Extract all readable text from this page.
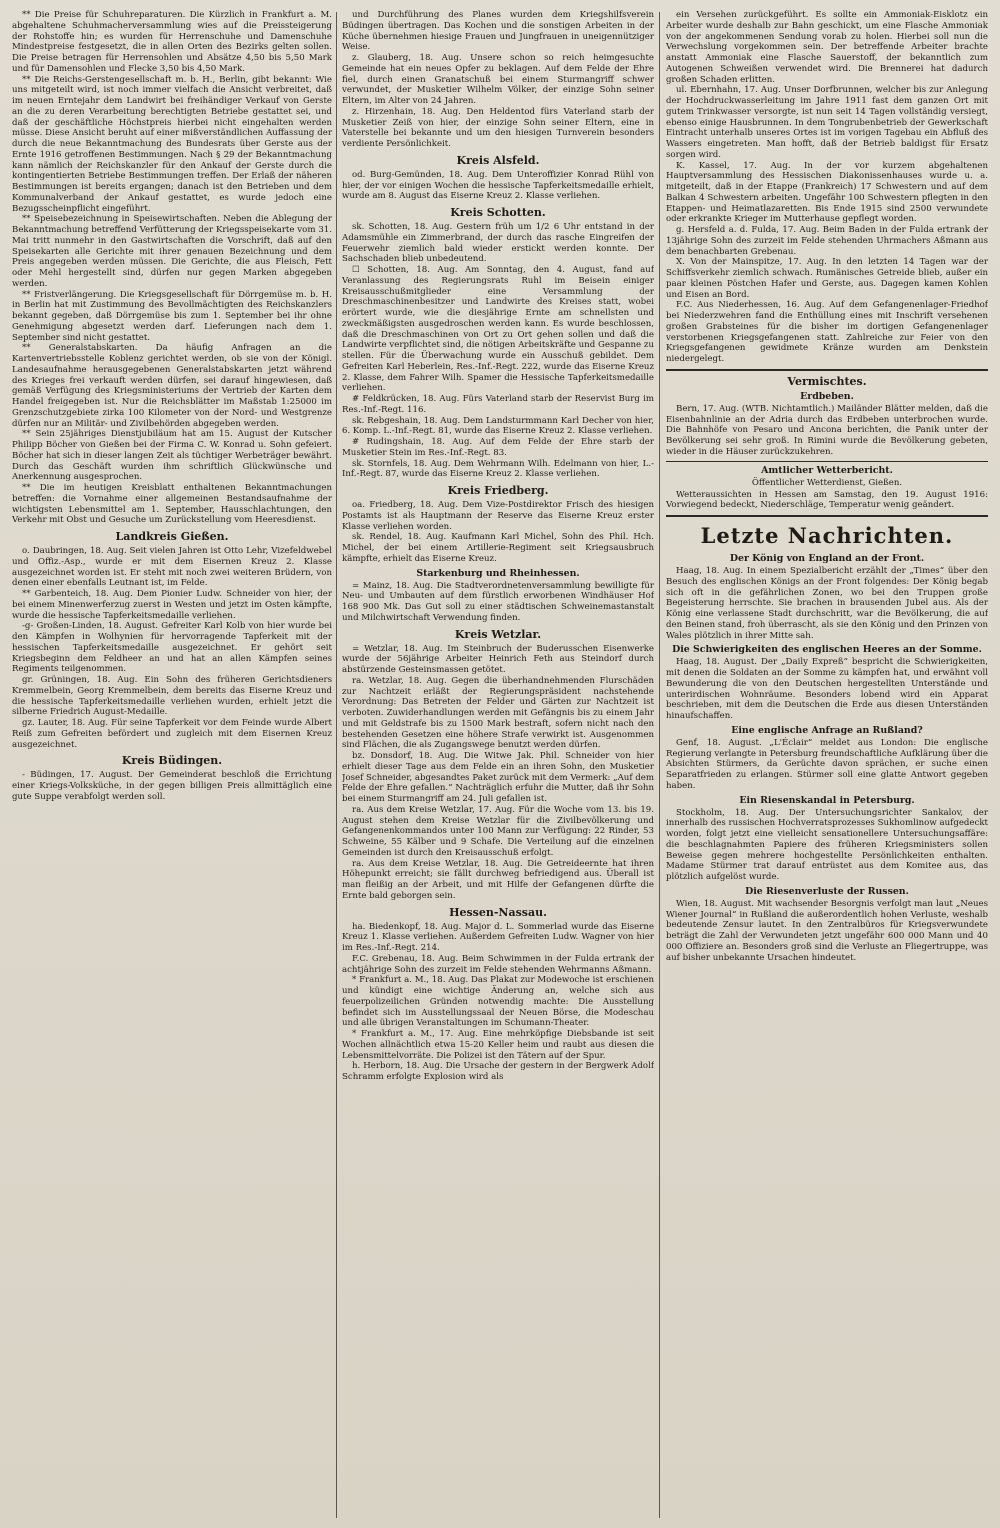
** Die Preise für Schuhreparaturen. Die Kürzlich in Frankfurt a. M. abgehaltene Schuhmacherversammlung wies auf die Preissteigerung der Rohstoffe hin; es wurden für Herrenschuhe und Damenschuhe Mindestpreise festgesetzt, die in allen Orten des Bezirks gelten sollen. Die Preise betragen für Herrensohlen und Absätze 4,50 bis 5,50 Mark und für Damensohlen und Flecke 3,50 bis 4,50 Mark.

** Die Reichs-Gerstengesellschaft m. b. H., Berlin, gibt bekannt: Wie uns mitgeteilt wird, ist noch immer vielfach die Ansicht verbreitet, daß im neuen Erntejahr dem Landwirt bei freihändiger Verkauf von Gerste an die zu deren Verarbeitung berechtigten Betriebe gestattet sei, und daß der geschäftliche Höchstpreis hierbei nicht eingehalten werden müsse. Diese Ansicht beruht auf einer mißverständlichen Auffassung der durch die neue Bekanntmachung des Bundesrats über Gerste aus der Ernte 1916 getroffenen Bestimmungen. Nach § 29 der Bekanntmachung kann nämlich der Reichskanzler für den Ankauf der Gerste durch die kontingentierten Betriebe Bestimmungen treffen. Der Erlaß der näheren Bestimmungen ist bereits ergangen; danach ist den Betrieben und dem Kommunalverband der Ankauf gestattet, es wurde jedoch eine Bezugsscheinpflicht eingeführt.

** Speisebezeichnung in Speisewirtschaften. Neben die Ablegung der Bekanntmachung betreffend Verfütterung der Kriegsspeisekarte vom 31. Mai tritt nunmehr in den Gastwirtschaften die Vorschrift, daß auf den Speisekarten alle Gerichte mit ihrer genauen Bezeichnung und dem Preis angegeben werden müssen. Die Gerichte, die aus Fleisch, Fett oder Mehl hergestellt sind, dürfen nur gegen Marken abgegeben werden.

** Fristverlängerung. Die Kriegsgesellschaft für Dörrgemüse m. b. H. in Berlin hat mit Zustimmung des Bevollmächtigten des Reichskanzlers bekannt gegeben, daß Dörrgemüse bis zum 1. September bei ihr ohne Genehmigung abgesetzt werden darf. Lieferungen nach dem 1. September sind nicht gestattet.

** Generalstabskarten. Da häufig Anfragen an die Kartenvertriebsstelle Koblenz gerichtet werden, ob sie von der Königl. Landesaufnahme herausgegebenen Generalstabskarten jetzt während des Krieges frei verkauft werden dürfen, sei darauf hingewiesen, daß gemäß Verfügung des Kriegsministeriums der Vertrieb der Karten dem Handel freigegeben ist. Nur die Reichsblätter im Maßstab 1:25000 im Grenzschutzgebiete zirka 100 Kilometer von der Nord- und Westgrenze dürfen nur an Militär- und Zivilbehörden abgegeben werden.

** Sein 25jähriges Dienstjubiläum hat am 15. August der Kutscher Philipp Böcher von Gießen bei der Firma C. W. Konrad u. Sohn gefeiert. Böcher hat sich in dieser langen Zeit als tüchtiger Werbeträger bewährt. Durch das Geschäft wurden ihm schriftlich Glückwünsche und Anerkennung ausgesprochen.

** Die im heutigen Kreisblatt enthaltenen Bekanntmachungen betreffen: die Vornahme einer allgemeinen Bestandsaufnahme der wichtigsten Lebensmittel am 1. September, Hausschlachtungen, den Verkehr mit Obst und Gesuche um Zurückstellung vom Heeresdienst.

Landkreis Gießen.

o. Daubringen, 18. Aug. Seit vielen Jahren ist Otto Lehr, Vizefeldwebel und Offiz.-Asp., wurde er mit dem Eisernen Kreuz 2. Klasse ausgezeichnet worden ist. Er steht mit noch zwei weiteren Brüdern, von denen einer ebenfalls Leutnant ist, im Felde.

** Garbenteich, 18. Aug. Dem Pionier Ludw. Schneider von hier, der bei einem Minenwerferzug zuerst in Westen und jetzt im Osten kämpfte, wurde die hessische Tapferkeitsmedaille verliehen.

-g- Großen-Linden, 18. August. Gefreiter Karl Kolb von hier wurde bei den Kämpfen in Wolhynien für hervorragende Tapferkeit mit der hessischen Tapferkeitsmedaille ausgezeichnet. Er gehört seit Kriegsbeginn dem Feldheer an und hat an allen Kämpfen seines Regiments teilgenommen.

gr. Grüningen, 18. Aug. Ein Sohn des früheren Gerichtsdieners Kremmelbein, Georg Kremmelbein, dem bereits das Eiserne Kreuz und die hessische Tapferkeitsmedaille verliehen wurden, erhielt jetzt die silberne Friedrich August-Medaille.

gz. Lauter, 18. Aug. Für seine Tapferkeit vor dem Feinde wurde Albert Reiß zum Gefreiten befördert und zugleich mit dem Eisernen Kreuz ausgezeichnet.

Kreis Büdingen.

- Büdingen, 17. August. Der Gemeinderat beschloß die Errichtung einer Kriegs-Volksküche, in der gegen billigen Preis allmittäglich eine gute Suppe verabfolgt werden soll.

und Durchführung des Planes wurden dem Kriegshilfsverein Büdingen übertragen. Das Kochen und die sonstigen Arbeiten in der Küche übernehmen hiesige Frauen und Jungfrauen in uneigennütziger Weise.

z. Glauberg, 18. Aug. Unsere schon so reich heimgesuchte Gemeinde hat ein neues Opfer zu beklagen. Auf dem Felde der Ehre fiel, durch einen Granatschuß bei einem Sturmangriff schwer verwundet, der Musketier Wilhelm Völker, der einzige Sohn seiner Eltern, im Alter von 24 Jahren.

z. Hirzenhain, 18. Aug. Den Heldentod fürs Vaterland starb der Musketier Zeiß von hier, der einzige Sohn seiner Eltern, eine in Vaterstelle bei bekannte und um den hiesigen Turnverein besonders verdiente Persönlichkeit.

Kreis Alsfeld.

od. Burg-Gemünden, 18. Aug. Dem Unteroffizier Konrad Rühl von hier, der vor einigen Wochen die hessische Tapferkeitsmedaille erhielt, wurde am 8. August das Eiserne Kreuz 2. Klasse verliehen.

Kreis Schotten.

sk. Schotten, 18. Aug. Gestern früh um 1/2 6 Uhr entstand in der Adamsmühle ein Zimmerbrand, der durch das rasche Eingreifen der Feuerwehr ziemlich bald wieder erstickt werden konnte. Der Sachschaden blieb unbedeutend.

☐ Schotten, 18. Aug. Am Sonntag, den 4. August, fand auf Veranlassung des Regierungsrats Ruhl im Beisein einiger Kreisausschußmitglieder eine Versammlung der Dreschmaschinenbesitzer und Landwirte des Kreises statt, wobei erörtert wurde, wie die diesjährige Ernte am schnellsten und zweckmäßigsten ausgedroschen werden kann. Es wurde beschlossen, daß die Dreschmaschinen von Ort zu Ort gehen sollen und daß die Landwirte verpflichtet sind, die nötigen Arbeitskräfte und Gespanne zu stellen. Für die Überwachung wurde ein Ausschuß gebildet. Dem Gefreiten Karl Heberlein, Res.-Inf.-Regt. 222, wurde das Eiserne Kreuz 2. Klasse, dem Fahrer Wilh. Spamer die Hessische Tapferkeitsmedaille verliehen.

# Feldkrücken, 18. Aug. Fürs Vaterland starb der Reservist Burg im Res.-Inf.-Regt. 116.

sk. Rebgeshain, 18. Aug. Dem Landsturmmann Karl Decher von hier, 6. Komp. L.-Inf.-Regt. 81, wurde das Eiserne Kreuz 2. Klasse verliehen.

# Rudingshain, 18. Aug. Auf dem Felde der Ehre starb der Musketier Stein im Res.-Inf.-Regt. 83.

sk. Stornfels, 18. Aug. Dem Wehrmann Wilh. Edelmann von hier, L.-Inf.-Regt. 87, wurde das Eiserne Kreuz 2. Klasse verliehen.

Kreis Friedberg.

oa. Friedberg, 18. Aug. Dem Vize-Postdirektor Frisch des hiesigen Postamts ist als Hauptmann der Reserve das Eiserne Kreuz erster Klasse verliehen worden.

sk. Rendel, 18. Aug. Kaufmann Karl Michel, Sohn des Phil. Hch. Michel, der bei einem Artillerie-Regiment seit Kriegsausbruch kämpfte, erhielt das Eiserne Kreuz.

Starkenburg und Rheinhessen.

= Mainz, 18. Aug. Die Stadtverordnetenversammlung bewilligte für Neu- und Umbauten auf dem fürstlich erworbenen Windhäuser Hof 168 900 Mk. Das Gut soll zu einer städtischen Schweinemastanstalt und Milchwirtschaft Verwendung finden.

Kreis Wetzlar.

= Wetzlar, 18. Aug. Im Steinbruch der Buderusschen Eisenwerke wurde der 56jährige Arbeiter Heinrich Feth aus Steindorf durch abstürzende Gesteinsmassen getötet.

ra. Wetzlar, 18. Aug. Gegen die überhandnehmenden Flurschäden zur Nachtzeit erläßt der Regierungspräsident nachstehende Verordnung: Das Betreten der Felder und Gärten zur Nachtzeit ist verboten. Zuwiderhandlungen werden mit Gefängnis bis zu einem Jahr und mit Geldstrafe bis zu 1500 Mark bestraft, sofern nicht nach den bestehenden Gesetzen eine höhere Strafe verwirkt ist. Ausgenommen sind Flächen, die als Zugangswege benutzt werden dürfen.

bz. Donsdorf, 18. Aug. Die Witwe Jak. Phil. Schneider von hier erhielt dieser Tage aus dem Felde ein an ihren Sohn, den Musketier Josef Schneider, abgesandtes Paket zurück mit dem Vermerk: „Auf dem Felde der Ehre gefallen.“ Nachträglich erfuhr die Mutter, daß ihr Sohn bei einem Sturmangriff am 24. Juli gefallen ist.

ra. Aus dem Kreise Wetzlar, 17. Aug. Für die Woche vom 13. bis 19. August stehen dem Kreise Wetzlar für die Zivilbevölkerung und Gefangenenkommandos unter 100 Mann zur Verfügung: 22 Rinder, 53 Schweine, 55 Kälber und 9 Schafe. Die Verteilung auf die einzelnen Gemeinden ist durch den Kreisausschuß erfolgt.

ra. Aus dem Kreise Wetzlar, 18. Aug. Die Getreideernte hat ihren Höhepunkt erreicht; sie fällt durchweg befriedigend aus. Überall ist man fleißig an der Arbeit, und mit Hilfe der Gefangenen dürfte die Ernte bald geborgen sein.

Hessen-Nassau.

ha. Biedenkopf, 18. Aug. Major d. L. Sommerlad wurde das Eiserne Kreuz 1. Klasse verliehen. Außerdem Gefreiten Ludw. Wagner von hier im Res.-Inf.-Regt. 214.

F.C. Grebenau, 18. Aug. Beim Schwimmen in der Fulda ertrank der achtjährige Sohn des zurzeit im Felde stehenden Wehrmanns Aßmann.

* Frankfurt a. M., 18. Aug. Das Plakat zur Modewoche ist erschienen und kündigt eine wichtige Änderung an, welche sich aus feuerpolizeilichen Gründen notwendig machte: Die Ausstellung befindet sich im Ausstellungssaal der Neuen Börse, die Modeschau und alle übrigen Veranstaltungen im Schumann-Theater.

* Frankfurt a. M., 17. Aug. Eine mehrköpfige Diebsbande ist seit Wochen allnächtlich etwa 15-20 Keller heim und raubt aus diesen die Lebensmittelvorräte. Die Polizei ist den Tätern auf der Spur.

h. Herborn, 18. Aug. Die Ursache der gestern in der Bergwerk Adolf Schramm erfolgte Explosion wird als

ein Versehen zurückgeführt. Es sollte ein Ammoniak-Eisklotz ein Arbeiter wurde deshalb zur Bahn geschickt, um eine Flasche Ammoniak von der angekommenen Sendung vorab zu holen. Hierbei soll nun die Verwechslung vorgekommen sein. Der betreffende Arbeiter brachte anstatt Ammoniak eine Flasche Sauerstoff, der bekanntlich zum Autogenen Schweißen verwendet wird. Die Brennerei hat dadurch großen Schaden erlitten.

ul. Ebernhahn, 17. Aug. Unser Dorfbrunnen, welcher bis zur Anlegung der Hochdruckwasserleitung im Jahre 1911 fast dem ganzen Ort mit gutem Trinkwasser versorgte, ist nun seit 14 Tagen vollständig versiegt, ebenso einige Hausbrunnen. In dem Tongrubenbetrieb der Gewerkschaft Eintracht unterhalb unseres Ortes ist im vorigen Tagebau ein Abfluß des Wassers eingetreten. Man hofft, daß der Betrieb baldigst für Ersatz sorgen wird.

K. Kassel, 17. Aug. In der vor kurzem abgehaltenen Hauptversammlung des Hessischen Diakonissenhauses wurde u. a. mitgeteilt, daß in der Etappe (Frankreich) 17 Schwestern und auf dem Balkan 4 Schwestern arbeiten. Ungefähr 100 Schwestern pflegten in den Etappen- und Heimatlazaretten. Bis Ende 1915 sind 2500 verwundete oder erkrankte Krieger im Mutterhause gepflegt worden.

g. Hersfeld a. d. Fulda, 17. Aug. Beim Baden in der Fulda ertrank der 13jährige Sohn des zurzeit im Felde stehenden Uhrmachers Aßmann aus dem benachbarten Grebenau.

X. Von der Mainspitze, 17. Aug. In den letzten 14 Tagen war der Schiffsverkehr ziemlich schwach. Rumänisches Getreide blieb, außer ein paar kleinen Pöstchen Hafer und Gerste, aus. Dagegen kamen Kohlen und Eisen an Bord.

F.C. Aus Niederhessen, 16. Aug. Auf dem Gefangenenlager-Friedhof bei Niederzwehren fand die Enthüllung eines mit Inschrift versehenen großen Grabsteines für die bisher im dortigen Gefangenenlager verstorbenen Kriegsgefangenen statt. Zahlreiche zur Feier von den Kriegsgefangenen gewidmete Kränze wurden am Denkstein niedergelegt.

Vermischtes.
Erdbeben.

Bern, 17. Aug. (WTB. Nichtamtlich.) Mailänder Blätter melden, daß die Eisenbahnlinie an der Adria durch das Erdbeben unterbrochen wurde. Die Bahnhöfe von Pesaro und Ancona berichten, die Panik unter der Bevölkerung sei sehr groß. In Rimini wurde die Bevölkerung gebeten, wieder in die Häuser zurückzukehren.

Amtlicher Wetterbericht.
Öffentlicher Wetterdienst, Gießen.

Wetteraussichten in Hessen am Samstag, den 19. August 1916: Vorwiegend bedeckt, Niederschläge, Temperatur wenig geändert.

Letzte Nachrichten.
Der König von England an der Front.

Haag, 18. Aug. In einem Spezialbericht erzählt der „Times“ über den Besuch des englischen Königs an der Front folgendes: Der König begab sich oft in die gefährlichen Zonen, wo bei den Truppen große Begeisterung herrschte. Sie brachen in brausenden Jubel aus. Als der König eine verlassene Stadt durchschritt, war die Bevölkerung, die auf den Beinen stand, froh überrascht, als sie den König und den Prinzen von Wales plötzlich in ihrer Mitte sah.

Die Schwierigkeiten des englischen Heeres an der Somme.

Haag, 18. August. Der „Daily Expreß“ bespricht die Schwierigkeiten, mit denen die Soldaten an der Somme zu kämpfen hat, und erwähnt voll Bewunderung die von den Deutschen hergestellten Unterstände und unterirdischen Wohnräume. Besonders lobend wird ein Apparat beschrieben, mit dem die Deutschen die Erde aus diesen Unterständen hinaufschaffen.

Eine englische Anfrage an Rußland?

Genf, 18. August. „L'Éclair“ meldet aus London: Die englische Regierung verlangte in Petersburg freundschaftliche Aufklärung über die Absichten Stürmers, da Gerüchte davon sprächen, er suche einen Separatfrieden zu erlangen. Stürmer soll eine glatte Antwort gegeben haben.

Ein Riesenskandal in Petersburg.

Stockholm, 18. Aug. Der Untersuchungsrichter Sankalov, der innerhalb des russischen Hochverratsprozesses Sukhomlinow aufgedeckt worden, folgt jetzt eine vielleicht sensationellere Untersuchungsaffäre: die beschlagnahmten Papiere des früheren Kriegsministers sollen Beweise gegen mehrere hochgestellte Persönlichkeiten enthalten. Madame Stürmer trat darauf entrüstet aus dem Komitee aus, das plötzlich aufgelöst wurde.

Die Riesenverluste der Russen.

Wien, 18. August. Mit wachsender Besorgnis verfolgt man laut „Neues Wiener Journal“ in Rußland die außerordentlich hohen Verluste, weshalb bedeutende Zensur lautet. In den Zentralbüros für Kriegsverwundete beträgt die Zahl der Verwundeten jetzt ungefähr 600 000 Mann und 40 000 Offiziere an. Besonders groß sind die Verluste an Fliegertruppe, was auf bisher unbekannte Ursachen hindeutet.
